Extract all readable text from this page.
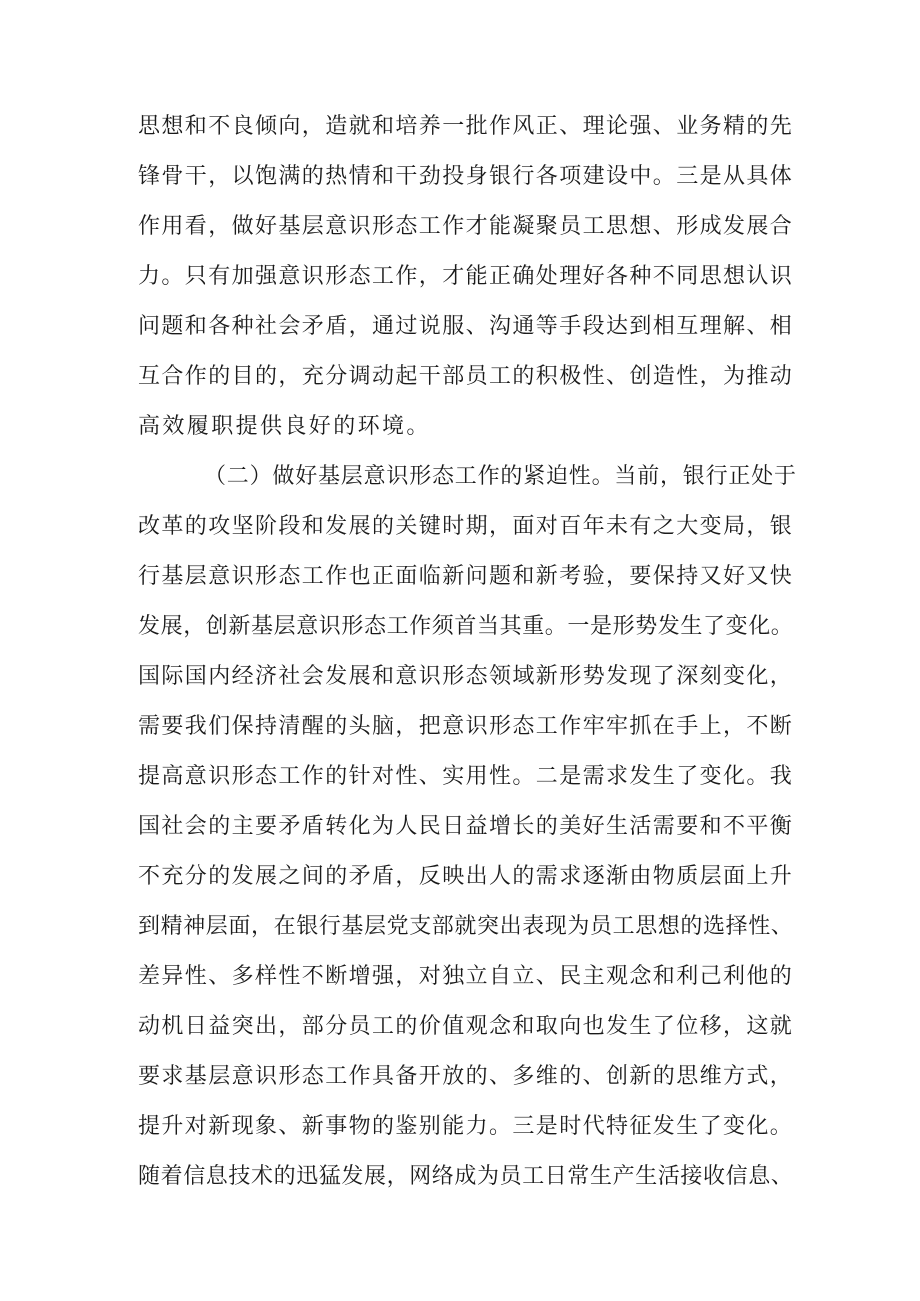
思想和不良倾向，造就和培养一批作风正、理论强、业务精的先

锋骨干，以饱满的热情和干劲投身银行各项建设中。三是从具体

作用看，做好基层意识形态工作才能凝聚员工思想、形成发展合

力。只有加强意识形态工作，才能正确处理好各种不同思想认识

问题和各种社会矛盾，通过说服、沟通等手段达到相互理解、相

互合作的目的，充分调动起干部员工的积极性、创造性，为推动

高效履职提供良好的环境。

（二）做好基层意识形态工作的紧迫性。当前，银行正处于

改革的攻坚阶段和发展的关键时期，面对百年未有之大变局，银

行基层意识形态工作也正面临新问题和新考验，要保持又好又快

发展，创新基层意识形态工作须首当其重。一是形势发生了变化。

国际国内经济社会发展和意识形态领域新形势发现了深刻变化，

需要我们保持清醒的头脑，把意识形态工作牢牢抓在手上，不断

提高意识形态工作的针对性、实用性。二是需求发生了变化。我

国社会的主要矛盾转化为人民日益增长的美好生活需要和不平衡

不充分的发展之间的矛盾，反映出人的需求逐渐由物质层面上升

到精神层面，在银行基层党支部就突出表现为员工思想的选择性、

差异性、多样性不断增强，对独立自立、民主观念和利己利他的

动机日益突出，部分员工的价值观念和取向也发生了位移，这就

要求基层意识形态工作具备开放的、多维的、创新的思维方式，

提升对新现象、新事物的鉴别能力。三是时代特征发生了变化。

随着信息技术的迅猛发展，网络成为员工日常生产生活接收信息、
